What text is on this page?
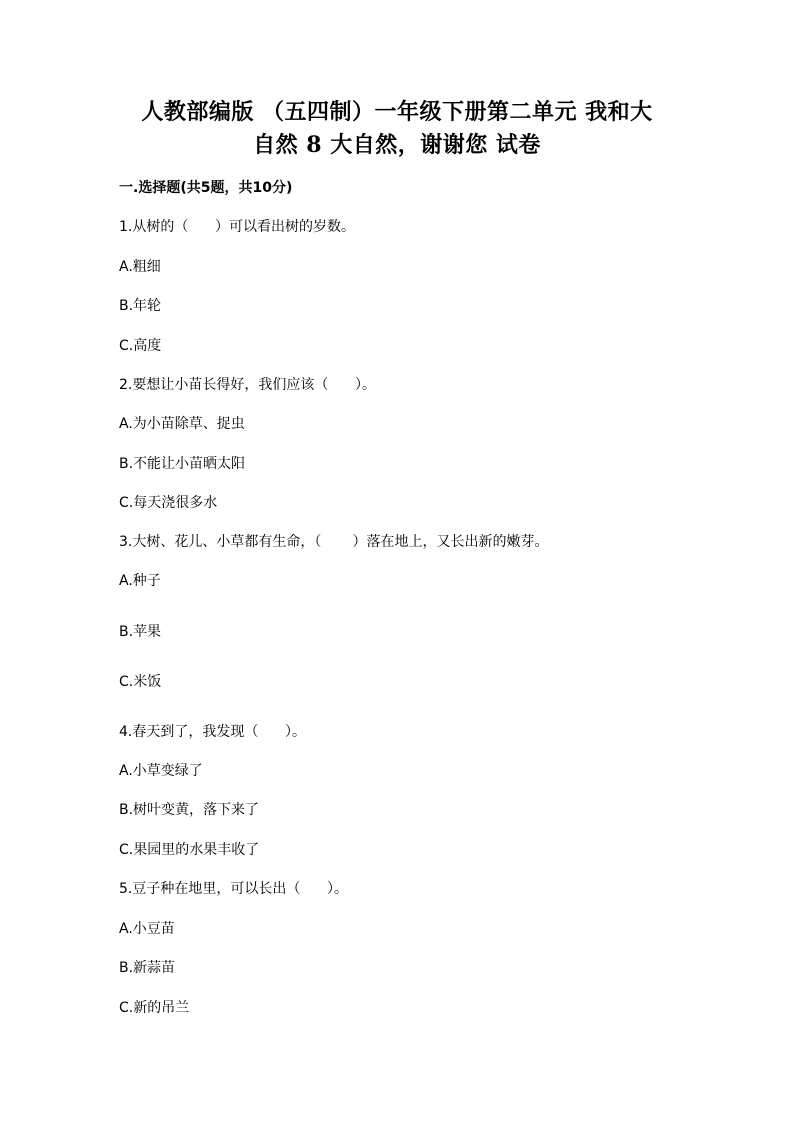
人教部编版 （五四制）一年级下册第二单元 我和大
自然 8 大自然，谢谢您 试卷
一.选择题(共5题，共10分)
1.从树的（      ）可以看出树的岁数。
A.粗细
B.年轮
C.高度
2.要想让小苗长得好，我们应该（      ）。
A.为小苗除草、捉虫
B.不能让小苗晒太阳
C.每天浇很多水
3.大树、花儿、小草都有生命，（       ）落在地上，又长出新的嫩芽。
A.种子
B.苹果
C.米饭
4.春天到了，我发现（      ）。
A.小草变绿了
B.树叶变黄，落下来了
C.果园里的水果丰收了
5.豆子种在地里，可以长出（      ）。
A.小豆苗
B.新蒜苗
C.新的吊兰
